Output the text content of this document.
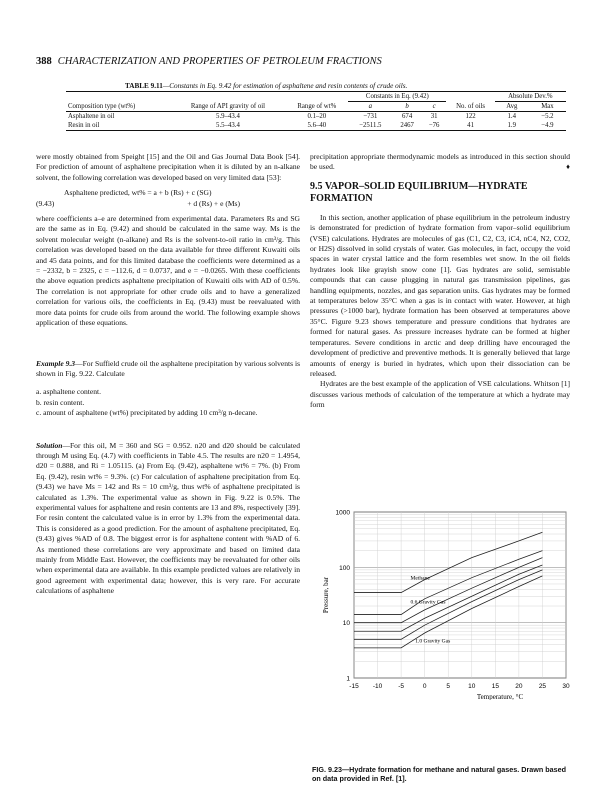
388 CHARACTERIZATION AND PROPERTIES OF PETROLEUM FRACTIONS
TABLE 9.11—Constants in Eq. 9.42 for estimation of asphaltene and resin contents of crude oils.
			Constants in Eq. (9.42)				Absolute Dev.%	
Composition type (wt%)	Range of API gravity of oil	Range of wt%	a	b	c	No. of oils	Avg	Max
Asphaltene in oil	5.9–43.4	0.1–20	−731	674	31	122	1.4	−5.2
Resin in oil	5.5–43.4	5.6–40	−2511.5	2467	−76	41	1.9	−4.9

were mostly obtained from Speight [15] and the Oil and Gas Journal Data Book [54]. For prediction of amount of asphaltene precipitation when it is diluted by an n-alkane solvent, the following correlation was developed based on very limited data [53]:

Asphaltene predicted, wt% = a + b (Rs) + c (SG)

(9.43)	+ d (Rs) + e (Ms)

where coefficients a–e are determined from experimental data. Parameters Rs and SG are the same as in Eq. (9.42) and should be calculated in the same way. Ms is the solvent molecular weight (n-alkane) and Rs is the solvent-to-oil ratio in cm³/g. This correlation was developed based on the data available for three different Kuwaiti oils and 45 data points, and for this limited database the coefficients were determined as a = −2332, b = 2325, c = −112.6, d = 0.0737, and e = −0.0265. With these coefficients the above equation predicts asphaltene precipitation of Kuwaiti oils with AD of 0.5%. The correlation is not appropriate for other crude oils and to have a generalized correlation for various oils, the coefficients in Eq. (9.43) must be reevaluated with more data points for crude oils from around the world. The following example shows application of these equations.

Example 9.3—For Suffield crude oil the asphaltene precipitation by various solvents is shown in Fig. 9.22. Calculate

a. asphaltene content.

b. resin content.

c. amount of asphaltene (wt%) precipitated by adding 10 cm³/g n-decane.

Solution—For this oil, M = 360 and SG = 0.952. n20 and d20 should be calculated through M using Eq. (4.7) with coefficients in Table 4.5. The results are n20 = 1.4954, d20 = 0.888, and Ri = 1.05115. (a) From Eq. (9.42), asphaltene wt% = 7%. (b) From Eq. (9.42), resin wt% = 9.3%. (c) For calculation of asphaltene precipitation from Eq. (9.43) we have Ms = 142 and Rs = 10 cm³/g, thus wt% of asphaltene precipitated is calculated as 1.3%. The experimental value as shown in Fig. 9.22 is 0.5%. The experimental values for asphaltene and resin contents are 13 and 8%, respectively [39]. For resin content the calculated value is in error by 1.3% from the experimental data. This is considered as a good prediction. For the amount of asphaltene precipitated, Eq. (9.43) gives %AD of 0.8. The biggest error is for asphaltene content with %AD of 6. As mentioned these correlations are very approximate and based on limited data mainly from Middle East. However, the coefficients may be reevaluated for other oils when experimental data are available. In this example predicted values are relatively in good agreement with experimental data; however, this is very rare. For accurate calculations of asphaltene

precipitation appropriate thermodynamic models as introduced in this section should be used.	♦

9.5 VAPOR–SOLID EQUILIBRIUM—HYDRATE FORMATION

In this section, another application of phase equilibrium in the petroleum industry is demonstrated for prediction of hydrate formation from vapor–solid equilibrium (VSE) calculations. Hydrates are molecules of gas (C1, C2, C3, iC4, nC4, N2, CO2, or H2S) dissolved in solid crystals of water. Gas molecules, in fact, occupy the void spaces in water crystal lattice and the form resembles wet snow. In the oil fields hydrates look like grayish snow cone [1]. Gas hydrates are solid, semistable compounds that can cause plugging in natural gas transmission pipelines, gas handling equipments, nozzles, and gas separation units. Gas hydrates may be formed at temperatures below 35°C when a gas is in contact with water. However, at high pressures (>1000 bar), hydrate formation has been observed at temperatures above 35°C. Figure 9.23 shows temperature and pressure conditions that hydrates are formed for natural gases. As pressure increases hydrate can be formed at higher temperatures. Severe conditions in arctic and deep drilling have encouraged the development of predictive and preventive methods. It is generally believed that large amounts of energy is buried in hydrates, which upon their dissociation can be released.

Hydrates are the best example of the application of VSE calculations. Whitson [1] discusses various methods of calculation of the temperature at which a hydrate may form

1
10
100
1000
-15 -10 -5	0	5	10	15	20	25	30
Methane
0.6 Gravity Gas
1.0 Gravity Gas
Pressure, bar
Temperature, °C
FIG. 9.23—Hydrate formation for methane and natural gases. Drawn based on data provided in Ref. [1].
